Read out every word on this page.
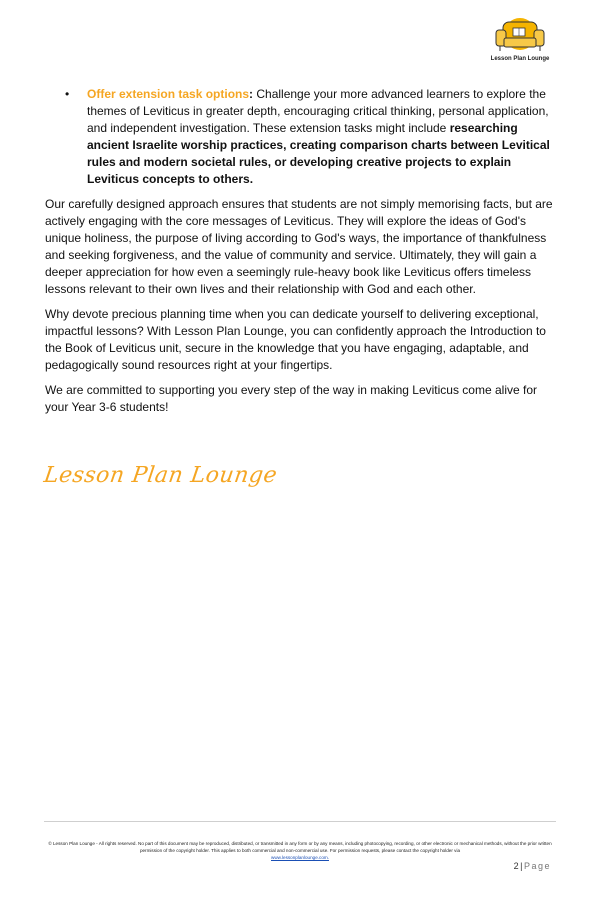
Lesson Plan Lounge
• Offer extension task options: Challenge your more advanced learners to explore the themes of Leviticus in greater depth, encouraging critical thinking, personal application, and independent investigation. These extension tasks might include researching ancient Israelite worship practices, creating comparison charts between Levitical rules and modern societal rules, or developing creative projects to explain Leviticus concepts to others.

Our carefully designed approach ensures that students are not simply memorising facts, but are actively engaging with the core messages of Leviticus. They will explore the ideas of God's unique holiness, the purpose of living according to God's ways, the importance of thankfulness and seeking forgiveness, and the value of community and service. Ultimately, they will gain a deeper appreciation for how even a seemingly rule-heavy book like Leviticus offers timeless lessons relevant to their own lives and their relationship with God and each other.

Why devote precious planning time when you can dedicate yourself to delivering exceptional, impactful lessons? With Lesson Plan Lounge, you can confidently approach the Introduction to the Book of Leviticus unit, secure in the knowledge that you have engaging, adaptable, and pedagogically sound resources right at your fingertips.

We are committed to supporting you every step of the way in making Leviticus come alive for your Year 3-6 students!

Lesson Plan Lounge
© Lesson Plan Lounge - All rights reserved. No part of this document may be reproduced, distributed, or transmitted in any form or by any means, including photocopying, recording, or other electronic or mechanical methods, without the prior written permission of the copyright holder. This applies to both commercial and non-commercial use. For permission requests, please contact the copyright holder via
www.lessonplanlounge.com.
2|Page
